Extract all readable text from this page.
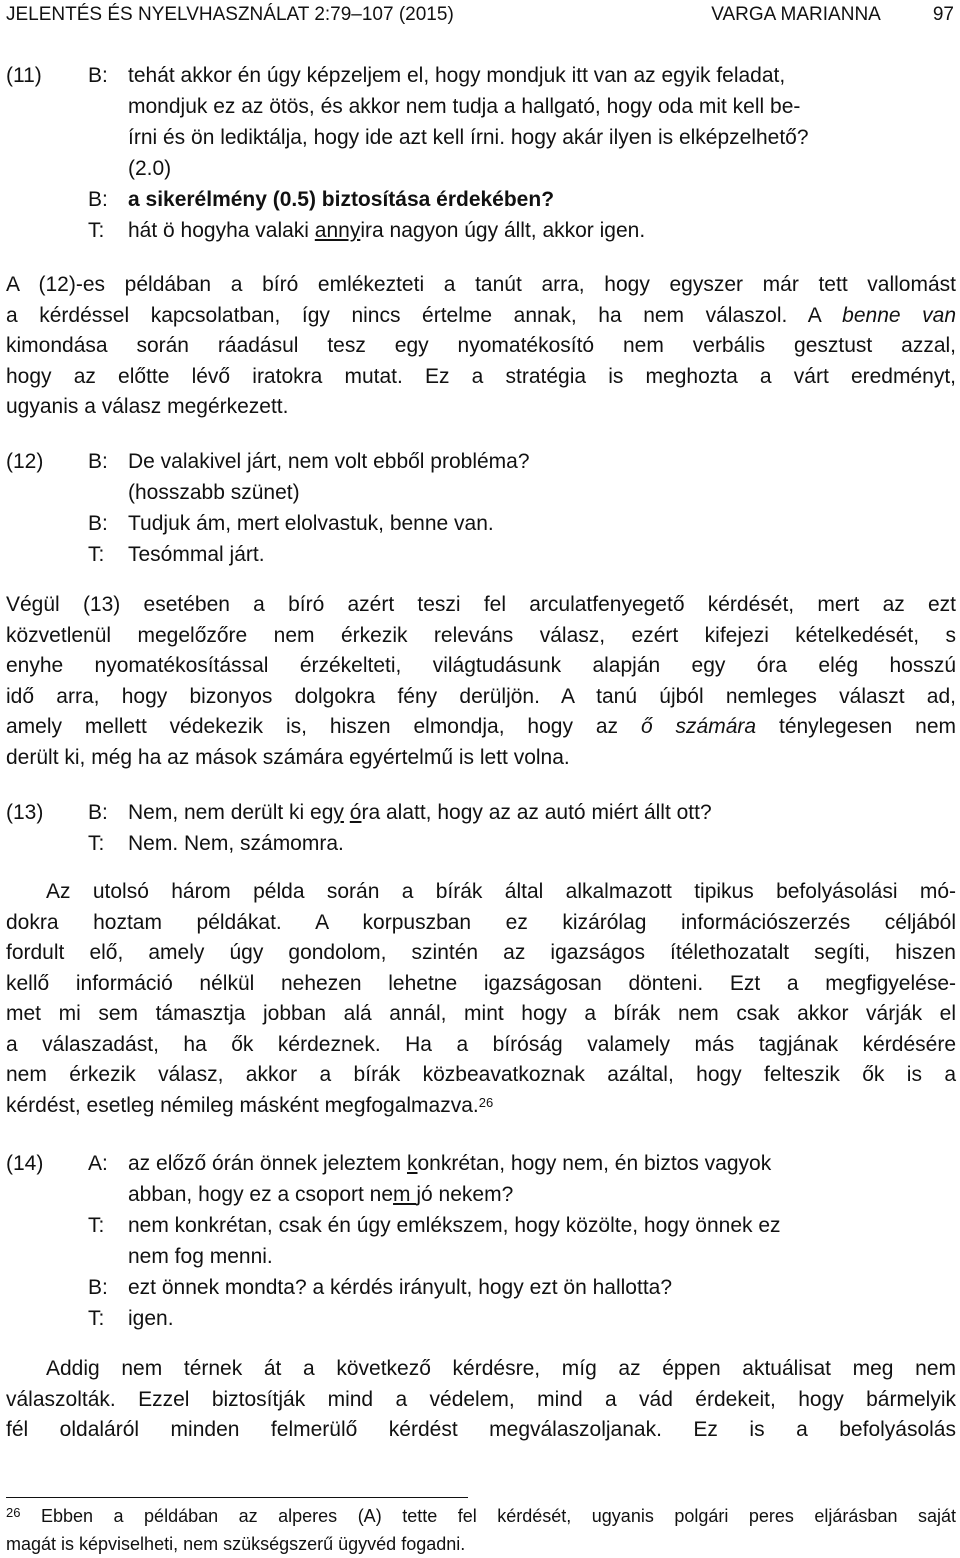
JELENTÉS ÉS NYELVHASZNÁLAT 2:79–107 (2015)	VARGA MARIANNA	97
(11) B: tehát akkor én úgy képzeljem el, hogy mondjuk itt van az egyik feladat,
mondjuk ez az ötös, és akkor nem tudja a hallgató, hogy oda mit kell be-
írni és ön lediktálja, hogy ide azt kell írni. hogy akár ilyen is elképzelhető?
(2.0)
B: a sikerélmény (0.5) biztosítása érdekében?
T: hát ö hogyha valaki annyira nagyon úgy állt, akkor igen.
A (12)-es példában a bíró emlékezteti a tanút arra, hogy egyszer már tett vallomást
a kérdéssel kapcsolatban, így nincs értelme annak, ha nem válaszol. A benne van
kimondása során ráadásul tesz egy nyomatékosító nem verbális gesztust azzal,
hogy az előtte lévő iratokra mutat. Ez a stratégia is meghozta a várt eredményt,
ugyanis a válasz megérkezett.
(12) B: De valakivel járt, nem volt ebből probléma?
(hosszabb szünet)
B: Tudjuk ám, mert elolvastuk, benne van.
T: Tesómmal járt.
Végül (13) esetében a bíró azért teszi fel arculatfenyegető kérdését, mert az ezt
közvetlenül megelőzőre nem érkezik releváns válasz, ezért kifejezi kételkedését, s
enyhe nyomatékosítással érzékelteti, világtudásunk alapján egy óra elég hosszú
idő arra, hogy bizonyos dolgokra fény derüljön. A tanú újból nemleges választ ad,
amely mellett védekezik is, hiszen elmondja, hogy az ő számára ténylegesen nem
derült ki, még ha az mások számára egyértelmű is lett volna.
(13) B: Nem, nem derült ki egy óra alatt, hogy az az autó miért állt ott?
T: Nem. Nem, számomra.
Az utolsó három példa során a bírák által alkalmazott tipikus befolyásolási mó-
dokra hoztam példákat. A korpuszban ez kizárólag információszerzés céljából
fordult elő, amely úgy gondolom, szintén az igazságos ítélethozatalt segíti, hiszen
kellő információ nélkül nehezen lehetne igazságosan dönteni. Ezt a megfigyelése-
met mi sem támasztja jobban alá annál, mint hogy a bírák nem csak akkor várják el
a válaszadást, ha ők kérdeznek. Ha a bíróság valamely más tagjának kérdésére
nem érkezik válasz, akkor a bírák közbeavatkoznak azáltal, hogy felteszik ők is a
kérdést, esetleg némileg másként megfogalmazva.$^{26}$
(14) A: az előző órán önnek jeleztem konkrétan, hogy nem, én biztos vagyok
abban, hogy ez a csoport nem jó nekem?
T: nem konkrétan, csak én úgy emlékszem, hogy közölte, hogy önnek ez
nem fog menni.
B: ezt önnek mondta? a kérdés irányult, hogy ezt ön hallotta?
T: igen.
Addig nem térnek át a következő kérdésre, míg az éppen aktuálisat meg nem
válaszolták. Ezzel biztosítják mind a védelem, mind a vád érdekeit, hogy bármelyik
fél oldaláról minden felmerülő kérdést megválaszoljanak. Ez is a befolyásolás
$^{26}$ Ebben a példában az alperes (A) tette fel kérdését, ugyanis polgári peres eljárásban saját
magát is képviselheti, nem szükségszerű ügyvéd fogadni.
